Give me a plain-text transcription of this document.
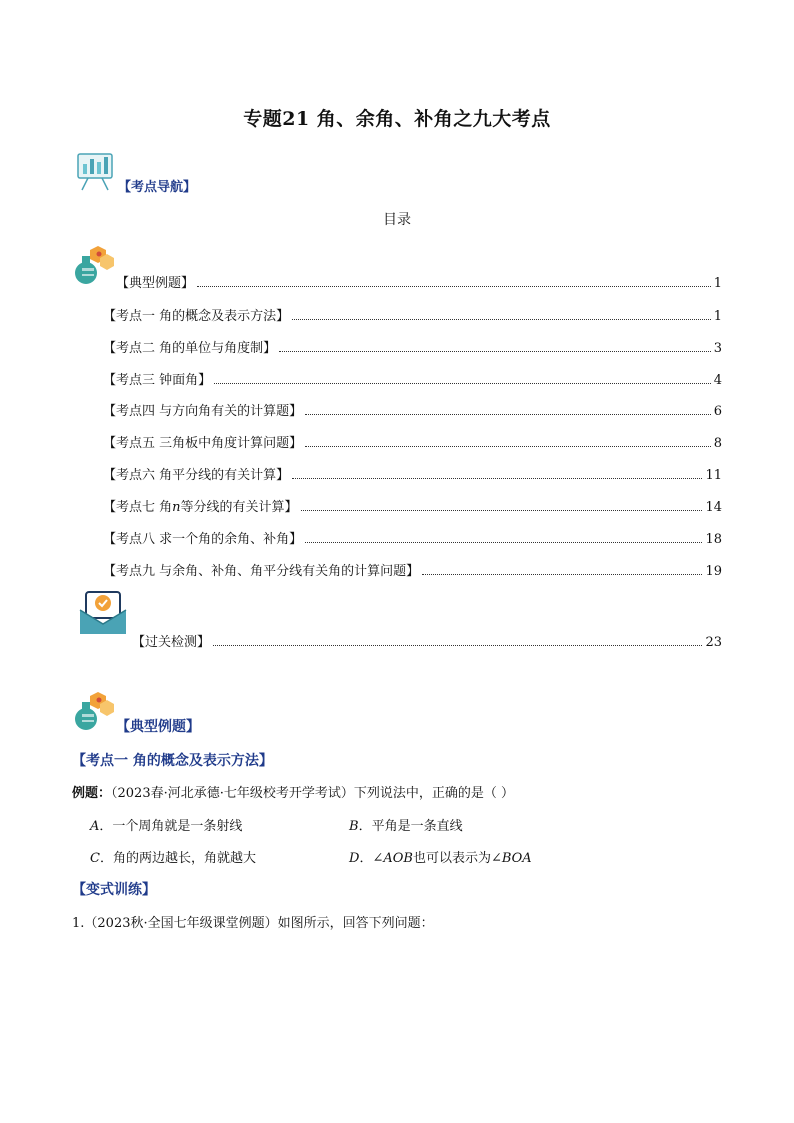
专题21 角、余角、补角之九大考点
【考点导航】
目录
【典型例题】	1
【考点一 角的概念及表示方法】	1
【考点二 角的单位与角度制】	3
【考点三 钟面角】	4
【考点四 与方向角有关的计算题】	6
【考点五 三角板中角度计算问题】	8
【考点六 角平分线的有关计算】	11
【考点七 角n等分线的有关计算】	14
【考点八 求一个角的余角、补角】	18
【考点九 与余角、补角、角平分线有关角的计算问题】	19
【过关检测】	23
【典型例题】
【考点一 角的概念及表示方法】
例题：（2023春·河北承德·七年级校考开学考试）下列说法中，正确的是（ ）
A．一个周角就是一条射线	B．平角是一条直线
C．角的两边越长，角就越大	D．∠AOB也可以表示为∠BOA
【变式训练】
1.（2023秋·全国七年级课堂例题）如图所示，回答下列问题：
